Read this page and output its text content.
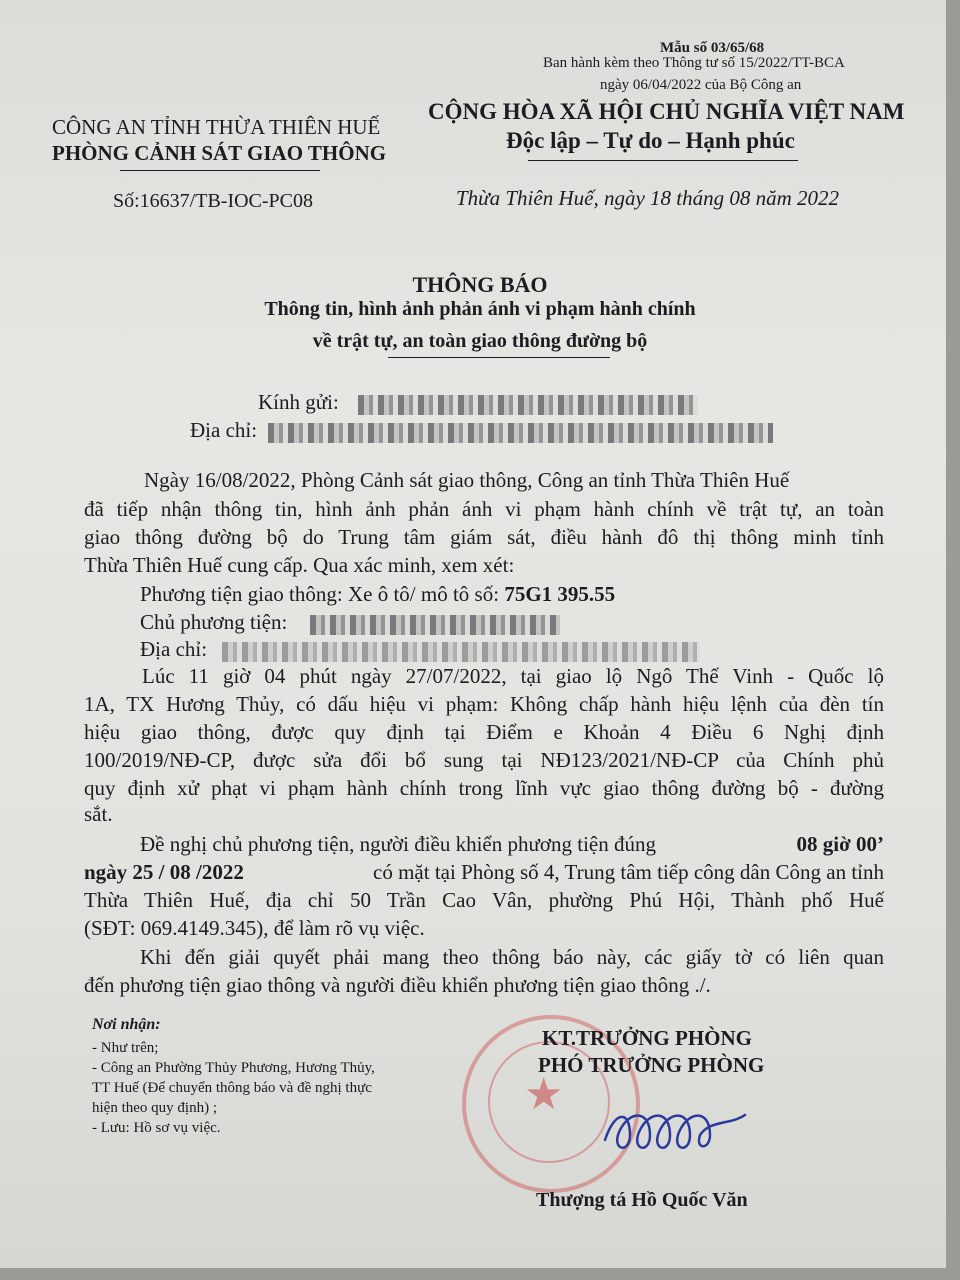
Mẫu số 03/65/68
Ban hành kèm theo Thông tư số 15/2022/TT-BCA
ngày 06/04/2022 của Bộ Công an
CÔNG AN TỈNH THỪA THIÊN HUẾ
PHÒNG CẢNH SÁT GIAO THÔNG
CỘNG HÒA XÃ HỘI CHỦ NGHĨA VIỆT NAM
Độc lập – Tự do – Hạnh phúc
Số:16637/TB-IOC-PC08	Thừa Thiên Huế, ngày 18 tháng 08 năm 2022
THÔNG BÁO
Thông tin, hình ảnh phản ánh vi phạm hành chính
về trật tự, an toàn giao thông đường bộ
Kính gửi:
Địa chỉ:
Ngày 16/08/2022, Phòng Cảnh sát giao thông, Công an tỉnh Thừa Thiên Huế
đã tiếp nhận thông tin, hình ảnh phản ánh vi phạm hành chính về trật tự, an toàn
giao thông đường bộ do Trung tâm giám sát, điều hành đô thị thông minh tỉnh
Thừa Thiên Huế cung cấp. Qua xác minh, xem xét:
Phương tiện giao thông: Xe ô tô/ mô tô số: 75G1 395.55
Chủ phương tiện:
Địa chỉ:
Lúc 11 giờ 04 phút ngày 27/07/2022, tại giao lộ Ngô Thế Vinh - Quốc lộ
1A, TX Hương Thủy, có dấu hiệu vi phạm: Không chấp hành hiệu lệnh của đèn tín
hiệu giao thông, được quy định tại Điểm e Khoản 4 Điều 6 Nghị định
100/2019/NĐ-CP, được sửa đổi bổ sung tại NĐ123/2021/NĐ-CP của Chính phủ
quy định xử phạt vi phạm hành chính trong lĩnh vực giao thông đường bộ - đường
sắt.
Đề nghị chủ phương tiện, người điều khiển phương tiện đúng	08 giờ 00’
ngày 25 / 08 /2022	có mặt tại Phòng số 4, Trung tâm tiếp công dân Công an tỉnh
Thừa Thiên Huế, địa chỉ 50 Trần Cao Vân, phường Phú Hội, Thành phố Huế
(SĐT: 069.4149.345), để làm rõ vụ việc.
Khi đến giải quyết phải mang theo thông báo này, các giấy tờ có liên quan
đến phương tiện giao thông và người điều khiển phương tiện giao thông ./.
Nơi nhận:
- Như trên;
- Công an Phường Thủy Phương, Hương Thủy,
TT Huế (Để chuyển thông báo và đề nghị thực
hiện theo quy định) ;
- Lưu: Hồ sơ vụ việc.
★
KT.TRƯỞNG PHÒNG
PHÓ TRƯỞNG PHÒNG
Thượng tá Hồ Quốc Văn
